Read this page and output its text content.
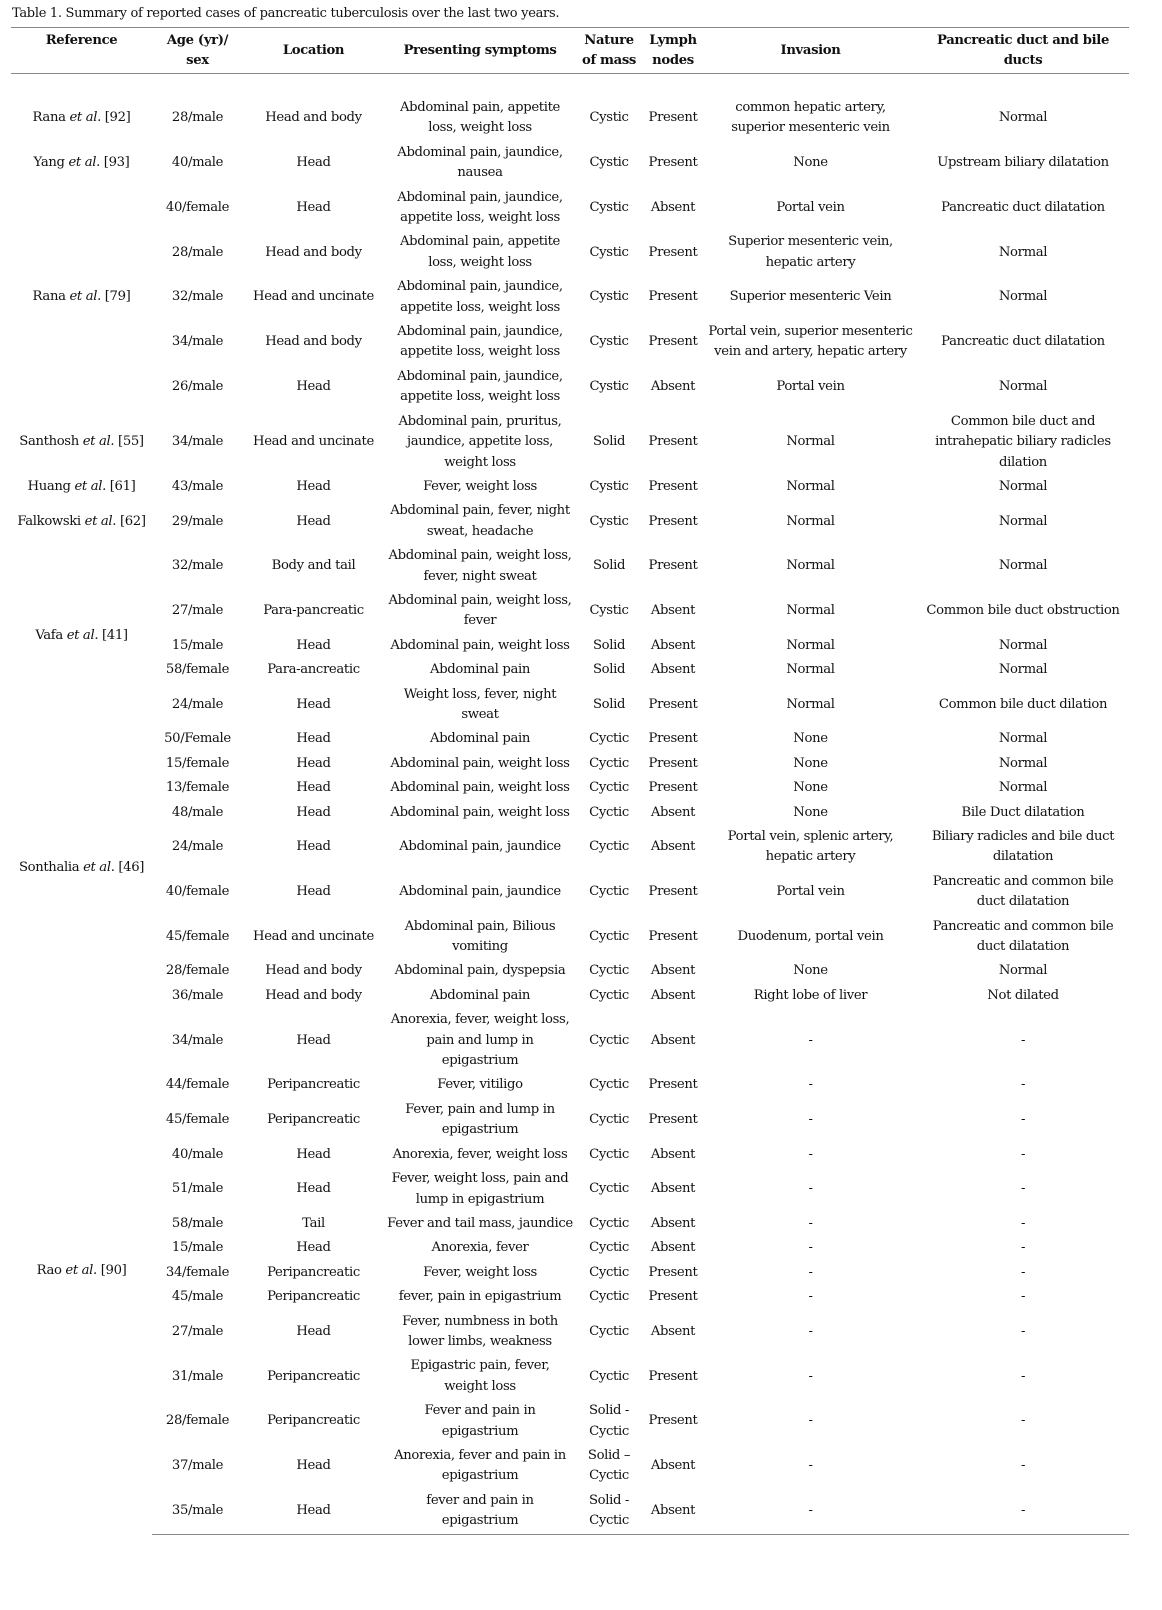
Table 1. Summary of reported cases of pancreatic tuberculosis over the last two years.
Reference	Age (yr)/ sex	Location	Presenting symptoms	Nature of mass	Lymph nodes	Invasion	Pancreatic duct and bile ducts

Rana et al. [92]	28/male	Head and body	Abdominal pain, appetite loss, weight loss	Cystic	Present	common hepatic artery, superior mesenteric vein	Normal
Yang et al. [93]	40/male	Head	Abdominal pain, jaundice, nausea	Cystic	Present	None	Upstream biliary dilatation
Rana et al. [79]	40/female	Head	Abdominal pain, jaundice, appetite loss, weight loss	Cystic	Absent	Portal vein	Pancreatic duct dilatation
	28/male	Head and body	Abdominal pain, appetite loss, weight loss	Cystic	Present	Superior mesenteric vein, hepatic artery	Normal
	32/male	Head and uncinate	Abdominal pain, jaundice, appetite loss, weight loss	Cystic	Present	Superior mesenteric Vein	Normal
	34/male	Head and body	Abdominal pain, jaundice, appetite loss, weight loss	Cystic	Present	Portal vein, superior mesenteric vein and artery, hepatic artery	Pancreatic duct dilatation
	26/male	Head	Abdominal pain, jaundice, appetite loss, weight loss	Cystic	Absent	Portal vein	Normal
Santhosh et al. [55]	34/male	Head and uncinate	Abdominal pain, pruritus, jaundice, appetite loss, weight loss	Solid	Present	Normal	Common bile duct and intrahepatic biliary radicles dilation
Huang et al. [61]	43/male	Head	Fever, weight loss	Cystic	Present	Normal	Normal
Falkowski et al. [62]	29/male	Head	Abdominal pain, fever, night sweat, headache	Cystic	Present	Normal	Normal
Vafa et al. [41]	32/male	Body and tail	Abdominal pain, weight loss, fever, night sweat	Solid	Present	Normal	Normal
	27/male	Para-pancreatic	Abdominal pain, weight loss, fever	Cystic	Absent	Normal	Common bile duct obstruction
	15/male	Head	Abdominal pain, weight loss	Solid	Absent	Normal	Normal
	58/female	Para-ancreatic	Abdominal pain	Solid	Absent	Normal	Normal
	24/male	Head	Weight loss, fever, night sweat	Solid	Present	Normal	Common bile duct dilation
Sonthalia et al. [46]	50/Female	Head	Abdominal pain	Cyctic	Present	None	Normal
	15/female	Head	Abdominal pain, weight loss	Cyctic	Present	None	Normal
	13/female	Head	Abdominal pain, weight loss	Cyctic	Present	None	Normal
	48/male	Head	Abdominal pain, weight loss	Cyctic	Absent	None	Bile Duct dilatation
	24/male	Head	Abdominal pain, jaundice	Cyctic	Absent	Portal vein, splenic artery, hepatic artery	Biliary radicles and bile duct dilatation
	40/female	Head	Abdominal pain, jaundice	Cyctic	Present	Portal vein	Pancreatic and common bile duct dilatation
	45/female	Head and uncinate	Abdominal pain, Bilious vomiting	Cyctic	Present	Duodenum, portal vein	Pancreatic and common bile duct dilatation
	28/female	Head and body	Abdominal pain, dyspepsia	Cyctic	Absent	None	Normal
	36/male	Head and body	Abdominal pain	Cyctic	Absent	Right lobe of liver	Not dilated
Rao et al. [90]	34/male	Head	Anorexia, fever, weight loss, pain and lump in epigastrium	Cyctic	Absent	-	-
	44/female	Peripancreatic	Fever, vitiligo	Cyctic	Present	-	-
	45/female	Peripancreatic	Fever, pain and lump in epigastrium	Cyctic	Present	-	-
	40/male	Head	Anorexia, fever, weight loss	Cyctic	Absent	-	-
	51/male	Head	Fever, weight loss, pain and lump in epigastrium	Cyctic	Absent	-	-
	58/male	Tail	Fever and tail mass, jaundice	Cyctic	Absent	-	-
	15/male	Head	Anorexia, fever	Cyctic	Absent	-	-
	34/female	Peripancreatic	Fever, weight loss	Cyctic	Present	-	-
	45/male	Peripancreatic	fever, pain in epigastrium	Cyctic	Present	-	-
	27/male	Head	Fever, numbness in both lower limbs, weakness	Cyctic	Absent	-	-
	31/male	Peripancreatic	Epigastric pain, fever, weight loss	Cyctic	Present	-	-
	28/female	Peripancreatic	Fever and pain in epigastrium	Solid - Cyctic	Present	-	-
	37/male	Head	Anorexia, fever and pain in epigastrium	Solid – Cyctic	Absent	-	-
	35/male	Head	fever and pain in epigastrium	Solid - Cyctic	Absent	-	-
